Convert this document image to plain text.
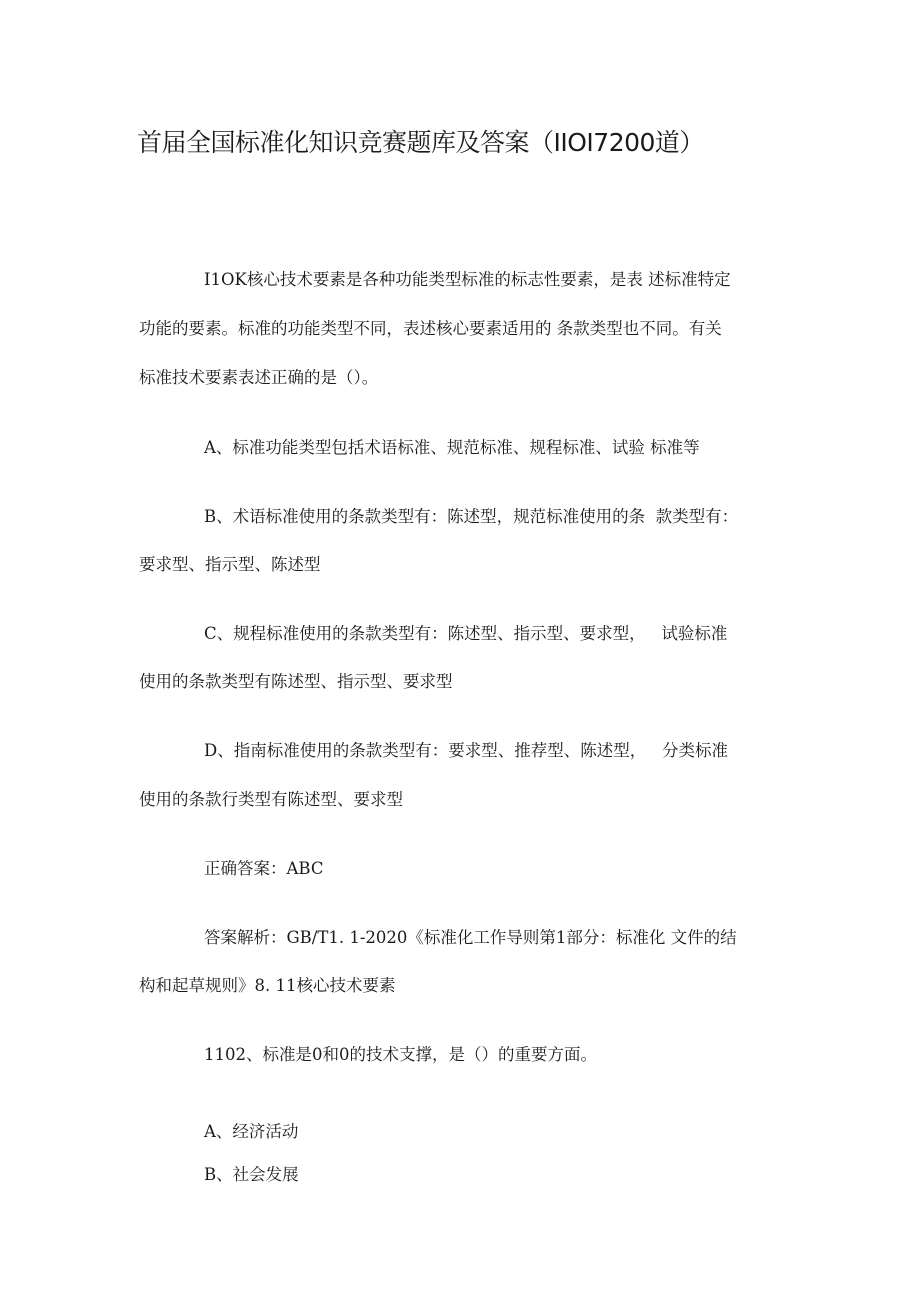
首届全国标准化知识竞赛题库及答案（IIOI7200道）
I1OK核心技术要素是各种功能类型标准的标志性要素，是表 述标准特定
功能的要素。标准的功能类型不同，表述核心要素适用的 条款类型也不同。有关
标准技术要素表述正确的是（）。
A、标准功能类型包括术语标准、规范标准、规程标准、试验 标准等
B、术语标准使用的条款类型有：陈述型，规范标准使用的条  款类型有：
要求型、指示型、陈述型
C、规程标准使用的条款类型有：陈述型、指示型、要求型，   试验标准
使用的条款类型有陈述型、指示型、要求型
D、指南标准使用的条款类型有：要求型、推荐型、陈述型，   分类标准
使用的条款行类型有陈述型、要求型
正确答案：ABC
答案解析：GB/T1. 1-2020《标准化工作导则第1部分：标准化 文件的结
构和起草规则》8. 11核心技术要素
1102、标准是0和0的技术支撑，是（）的重要方面。
A、经济活动
B、社会发展
